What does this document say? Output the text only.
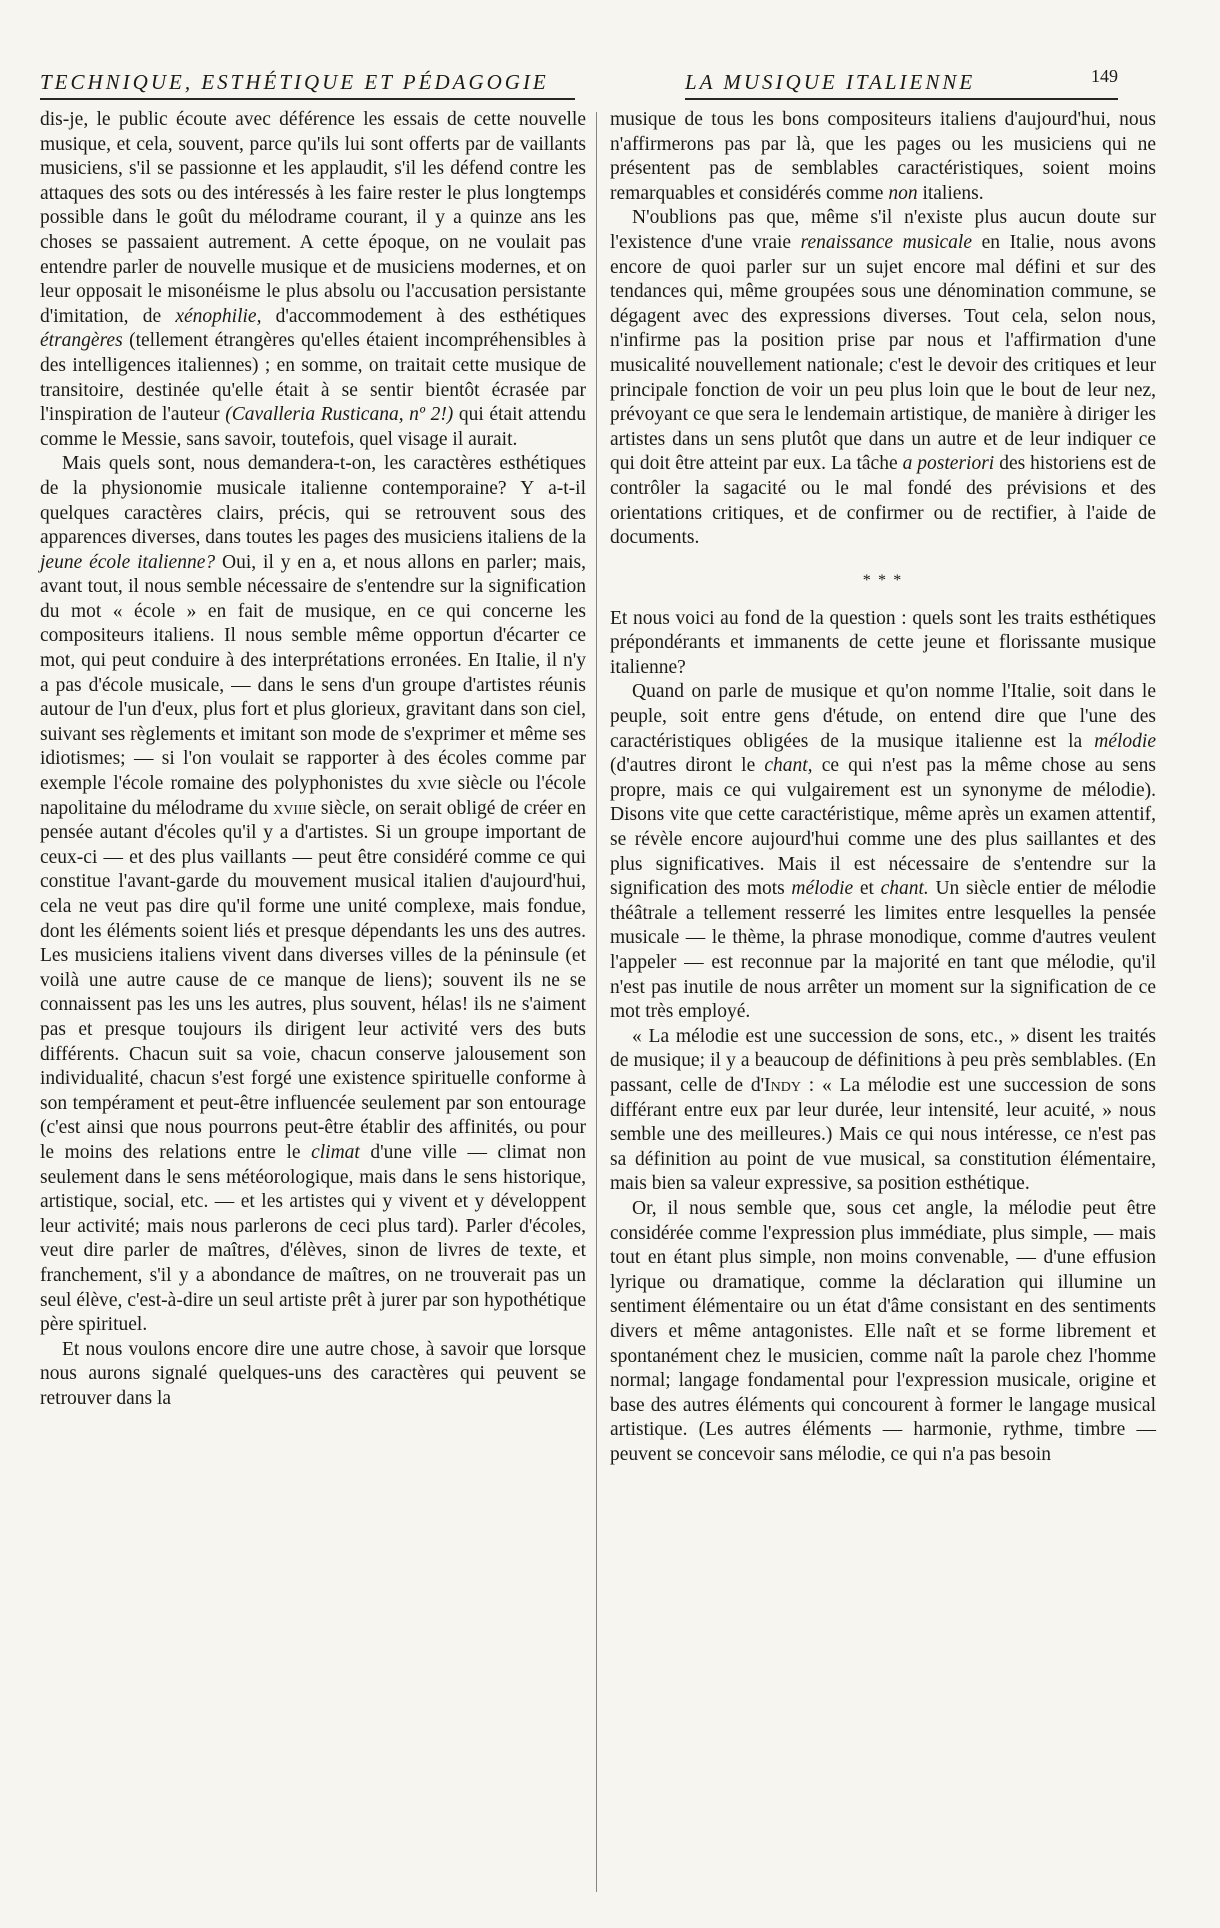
TECHNIQUE, ESTHÉTIQUE ET PÉDAGOGIE	LA MUSIQUE ITALIENNE	149

dis-je, le public écoute avec déférence les essais de cette nouvelle musique, et cela, souvent, parce qu'ils lui sont offerts par de vaillants musiciens, s'il se passionne et les applaudit, s'il les défend contre les attaques des sots ou des intéressés à les faire rester le plus longtemps possible dans le goût du mélodrame courant, il y a quinze ans les choses se passaient autrement. A cette époque, on ne voulait pas entendre parler de nouvelle musique et de musiciens modernes, et on leur opposait le misonéisme le plus absolu ou l'accusation persistante d'imitation, de xénophilie, d'accommodement à des esthétiques étrangères (tellement étrangères qu'elles étaient incompréhensibles à des intelligences italiennes) ; en somme, on traitait cette musique de transitoire, destinée qu'elle était à se sentir bientôt écrasée par l'inspiration de l'auteur (Cavalleria Rusticana, nº 2!) qui était attendu comme le Messie, sans savoir, toutefois, quel visage il aurait.

Mais quels sont, nous demandera-t-on, les caractères esthétiques de la physionomie musicale italienne contemporaine? Y a-t-il quelques caractères clairs, précis, qui se retrouvent sous des apparences diverses, dans toutes les pages des musiciens italiens de la jeune école italienne? Oui, il y en a, et nous allons en parler; mais, avant tout, il nous semble nécessaire de s'entendre sur la signification du mot « école » en fait de musique, en ce qui concerne les compositeurs italiens. Il nous semble même opportun d'écarter ce mot, qui peut conduire à des interprétations erronées. En Italie, il n'y a pas d'école musicale, — dans le sens d'un groupe d'artistes réunis autour de l'un d'eux, plus fort et plus glorieux, gravitant dans son ciel, suivant ses règlements et imitant son mode de s'exprimer et même ses idiotismes; — si l'on voulait se rapporter à des écoles comme par exemple l'école romaine des polyphonistes du xvie siècle ou l'école napolitaine du mélodrame du xviiie siècle, on serait obligé de créer en pensée autant d'écoles qu'il y a d'artistes. Si un groupe important de ceux-ci — et des plus vaillants — peut être considéré comme ce qui constitue l'avant-garde du mouvement musical italien d'aujourd'hui, cela ne veut pas dire qu'il forme une unité complexe, mais fondue, dont les éléments soient liés et presque dépendants les uns des autres. Les musiciens italiens vivent dans diverses villes de la péninsule (et voilà une autre cause de ce manque de liens); souvent ils ne se connaissent pas les uns les autres, plus souvent, hélas! ils ne s'aiment pas et presque toujours ils dirigent leur activité vers des buts différents. Chacun suit sa voie, chacun conserve jalousement son individualité, chacun s'est forgé une existence spirituelle conforme à son tempérament et peut-être influencée seulement par son entourage (c'est ainsi que nous pourrons peut-être établir des affinités, ou pour le moins des relations entre le climat d'une ville — climat non seulement dans le sens météorologique, mais dans le sens historique, artistique, social, etc. — et les artistes qui y vivent et y développent leur activité; mais nous parlerons de ceci plus tard). Parler d'écoles, veut dire parler de maîtres, d'élèves, sinon de livres de texte, et franchement, s'il y a abondance de maîtres, on ne trouverait pas un seul élève, c'est-à-dire un seul artiste prêt à jurer par son hypothétique père spirituel.

Et nous voulons encore dire une autre chose, à savoir que lorsque nous aurons signalé quelques-uns des caractères qui peuvent se retrouver dans la

musique de tous les bons compositeurs italiens d'aujourd'hui, nous n'affirmerons pas par là, que les pages ou les musiciens qui ne présentent pas de semblables caractéristiques, soient moins remarquables et considérés comme non italiens.

N'oublions pas que, même s'il n'existe plus aucun doute sur l'existence d'une vraie renaissance musicale en Italie, nous avons encore de quoi parler sur un sujet encore mal défini et sur des tendances qui, même groupées sous une dénomination commune, se dégagent avec des expressions diverses. Tout cela, selon nous, n'infirme pas la position prise par nous et l'affirmation d'une musicalité nouvellement nationale; c'est le devoir des critiques et leur principale fonction de voir un peu plus loin que le bout de leur nez, prévoyant ce que sera le lendemain artistique, de manière à diriger les artistes dans un sens plutôt que dans un autre et de leur indiquer ce qui doit être atteint par eux. La tâche a posteriori des historiens est de contrôler la sagacité ou le mal fondé des prévisions et des orientations critiques, et de confirmer ou de rectifier, à l'aide de documents.

* * *

Et nous voici au fond de la question : quels sont les traits esthétiques prépondérants et immanents de cette jeune et florissante musique italienne?

Quand on parle de musique et qu'on nomme l'Italie, soit dans le peuple, soit entre gens d'étude, on entend dire que l'une des caractéristiques obligées de la musique italienne est la mélodie (d'autres diront le chant, ce qui n'est pas la même chose au sens propre, mais ce qui vulgairement est un synonyme de mélodie). Disons vite que cette caractéristique, même après un examen attentif, se révèle encore aujourd'hui comme une des plus saillantes et des plus significatives. Mais il est nécessaire de s'entendre sur la signification des mots mélodie et chant. Un siècle entier de mélodie théâtrale a tellement resserré les limites entre lesquelles la pensée musicale — le thème, la phrase monodique, comme d'autres veulent l'appeler — est reconnue par la majorité en tant que mélodie, qu'il n'est pas inutile de nous arrêter un moment sur la signification de ce mot très employé.

« La mélodie est une succession de sons, etc., » disent les traités de musique; il y a beaucoup de définitions à peu près semblables. (En passant, celle de d'Indy : « La mélodie est une succession de sons différant entre eux par leur durée, leur intensité, leur acuité, » nous semble une des meilleures.) Mais ce qui nous intéresse, ce n'est pas sa définition au point de vue musical, sa constitution élémentaire, mais bien sa valeur expressive, sa position esthétique.

Or, il nous semble que, sous cet angle, la mélodie peut être considérée comme l'expression plus immédiate, plus simple, — mais tout en étant plus simple, non moins convenable, — d'une effusion lyrique ou dramatique, comme la déclaration qui illumine un sentiment élémentaire ou un état d'âme consistant en des sentiments divers et même antagonistes. Elle naît et se forme librement et spontanément chez le musicien, comme naît la parole chez l'homme normal; langage fondamental pour l'expression musicale, origine et base des autres éléments qui concourent à former le langage musical artistique. (Les autres éléments — harmonie, rythme, timbre — peuvent se concevoir sans mélodie, ce qui n'a pas besoin
